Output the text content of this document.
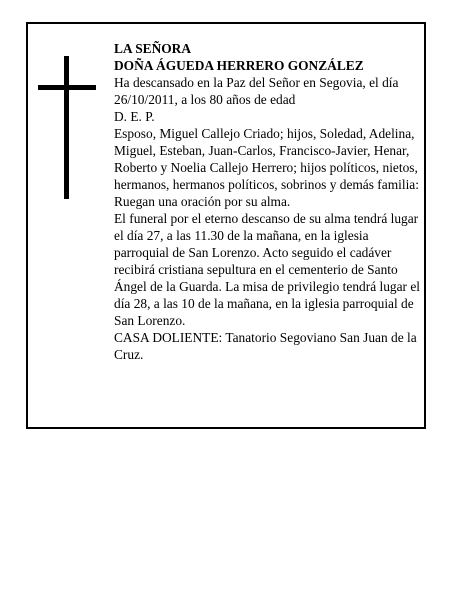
LA SEÑORA

DOÑA ÁGUEDA HERRERO GONZÁLEZ

Ha descansado en la Paz del Señor en Segovia, el día 26/10/2011, a los 80 años de edad

D. E. P.

Esposo, Miguel Callejo Criado; hijos, Soledad, Adelina, Miguel, Esteban, Juan-Carlos, Francisco-Javier, Henar, Roberto y Noelia Callejo Herrero; hijos políticos, nietos, hermanos, hermanos políticos, sobrinos y demás familia:

Ruegan una oración por su alma.

El funeral por el eterno descanso de su alma tendrá lugar el día 27, a las 11.30 de la mañana, en la iglesia parroquial de San Lorenzo. Acto seguido el cadáver recibirá cristiana sepultura en el cementerio de Santo Ángel de la Guarda. La misa de privilegio tendrá lugar el día 28, a las 10 de la mañana, en la iglesia parroquial de San Lorenzo.

CASA DOLIENTE: Tanatorio Segoviano San Juan de la Cruz.
